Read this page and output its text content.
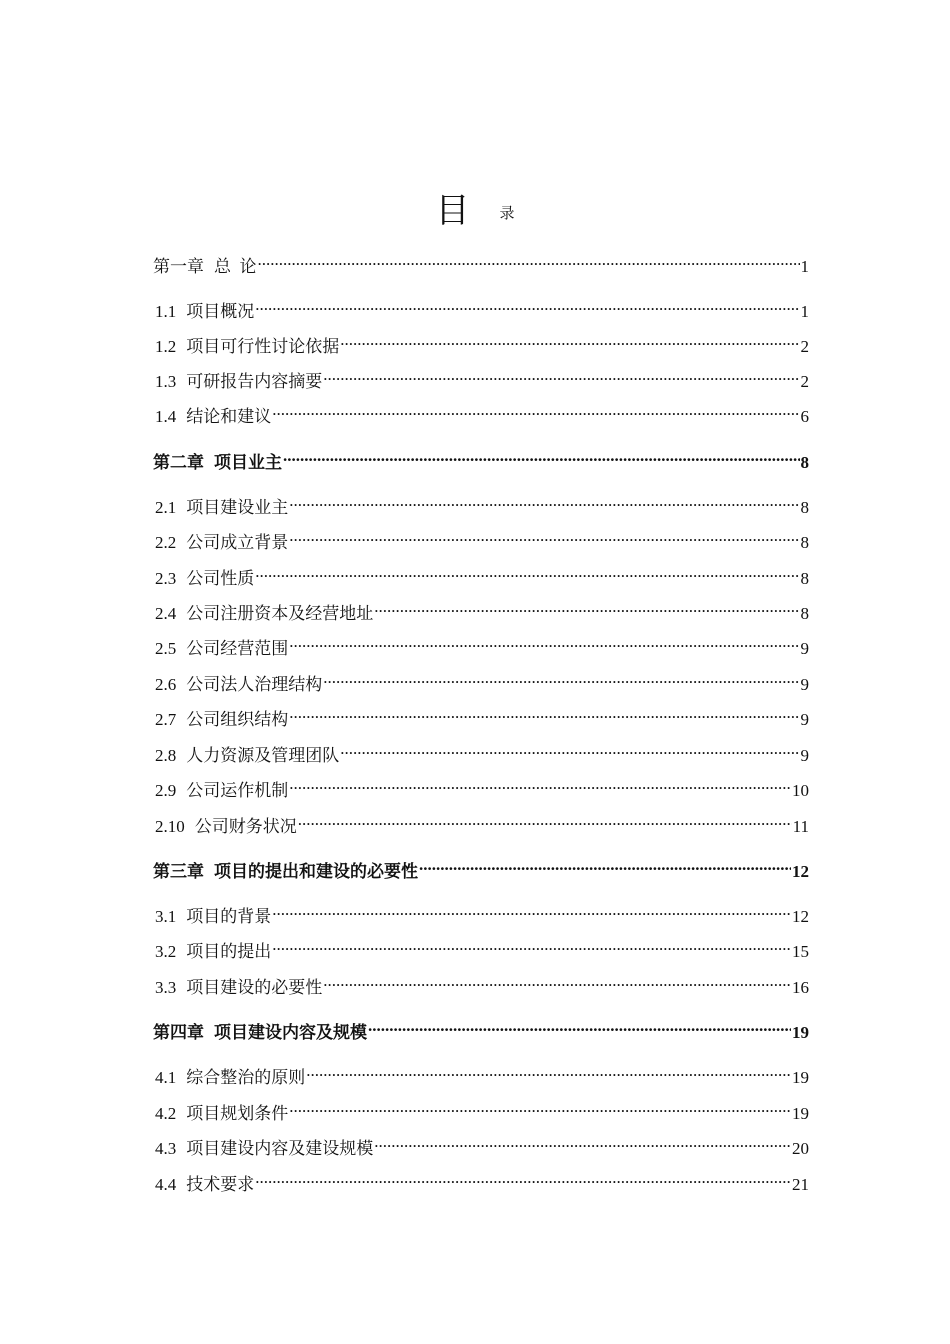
目 录
第一章 总  论 .....	1
1.1 项目概况 .....	1
1.2 项目可行性讨论依据 .....	2
1.3 可研报告内容摘要 .....	2
1.4 结论和建议 .....	6
第二章 项目业主 .....	8
2.1 项目建设业主 .....	8
2.2 公司成立背景 .....	8
2.3 公司性质 .....	8
2.4 公司注册资本及经营地址 .....	8
2.5 公司经营范围 .....	9
2.6 公司法人治理结构 .....	9
2.7 公司组织结构 .....	9
2.8 人力资源及管理团队 .....	9
2.9 公司运作机制 .....	10
2.10 公司财务状况 .....	11
第三章 项目的提出和建设的必要性 .....	12
3.1 项目的背景 .....	12
3.2 项目的提出 .....	15
3.3 项目建设的必要性 .....	16
第四章 项目建设内容及规模 .....	19
4.1 综合整治的原则 .....	19
4.2 项目规划条件 .....	19
4.3 项目建设内容及建设规模 .....	20
4.4 技术要求 .....	21
